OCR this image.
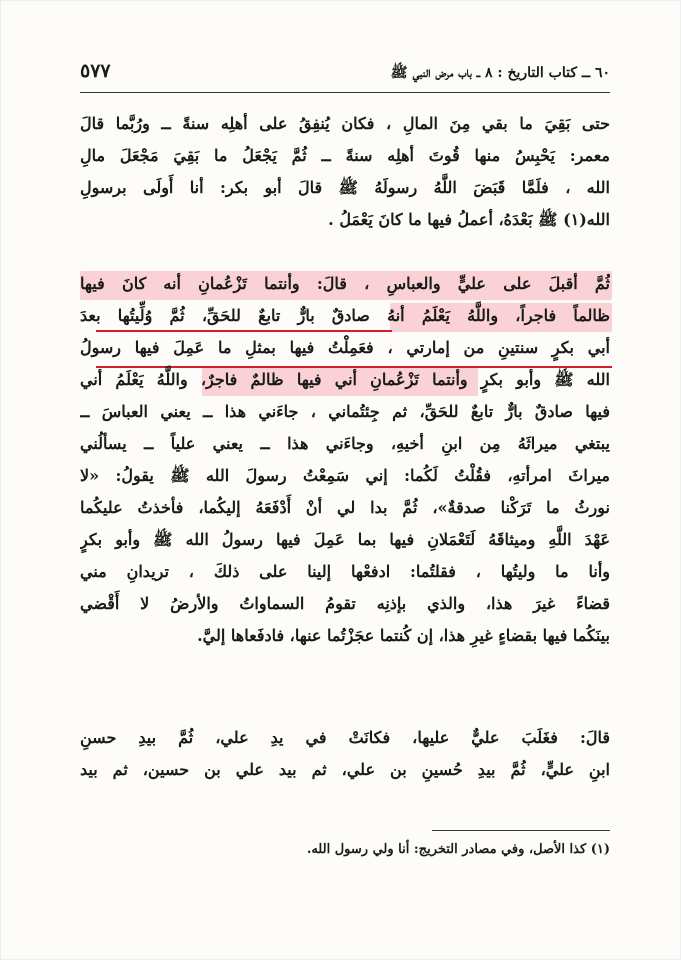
٦٠ ــ كتاب التاريخ : ٨ ــ باب مرض النبي ﷺ
٥٧٧
حتى بَقِيَ ما بقي مِنَ المالِ ، فكان يُنفِقُ على أهلِه سنةً ــ ورُبَّما قالَ
معمر: يَحْبِسُ منها قُوتَ أهلِه سنةً ــ ثُمَّ يَجْعَلُ ما بَقِيَ مَجْعَلَ مالِ
الله ، فلَمَّا قَبَضَ اللَّهُ رسولَهُ ﷺ قالَ أبو بكر: أنا أَولَى برسولِ
الله(١) ﷺ بَعْدَهُ، أعملُ فيها ما كانَ يَعْمَلُ .
ثُمَّ أقبلَ على عليٍّ والعباسِ ، قالَ: وأنتما تَزْعُمانِ أنه كانَ فيها
ظالماً فاجراً، واللَّهُ يَعْلَمُ أنهُ صادقٌ بارٌّ تابعٌ للحَقِّ، ثُمَّ وُلِّيتُها بعدَ
أبي بكرٍ سنتينِ من إمارتي ، فعَمِلْتُ فيها بمثلِ ما عَمِلَ فيها رسولُ
الله ﷺ وأبو بكرٍ وأنتما تَزْعُمانِ أني فيها ظالمٌ فاجرٌ، واللَّهُ يَعْلَمُ أني
فيها صادقٌ بارٌّ تابعٌ للحَقِّ، ثم جِئتُماني ، جاءَني هذا ــ يعني العباسَ ــ
يبتغي ميراثَهُ مِن ابنِ أخيهِ، وجاءَني هذا ــ يعني علياً ــ يسألُني
ميراثَ امرأتهِ، فقُلْتُ لَكُما: إني سَمِعْتُ رسولَ الله ﷺ يقولُ: «لا
نورثُ ما تَرَكْنا صدقةٌ»، ثُمَّ بدا لي أنْ أَدْفَعَهُ إليكُما، فأخذتُ عليكُما
عَهْدَ اللَّهِ وميثاقَهُ لَتَعْمَلانِ فيها بما عَمِلَ فيها رسولُ الله ﷺ وأبو بكرٍ
وأنا ما وليتُها ، فقلتُما: ادفعْها إلينا على ذلكَ ، تريدانِ مني
قضاءً غيرَ هذا، والذي بإذنِه تقومُ السماواتُ والأرضُ لا أَقْضي
بينَكُما فيها بقضاءٍ غيرِ هذا، إن كُنتما عجَزْتُما عنها، فادفَعاها إليَّ.
قالَ: فغَلَبَ عليٌّ عليها، فكانَتْ في يدِ علي، ثُمَّ بيدِ حسنِ
ابنِ عليٍّ، ثُمَّ بيدِ حُسينِ بن علي، ثم بيد علي بن حسين، ثم بيد
(١) كذا الأصل، وفي مصادر التخريج: أنا ولي رسول الله.
